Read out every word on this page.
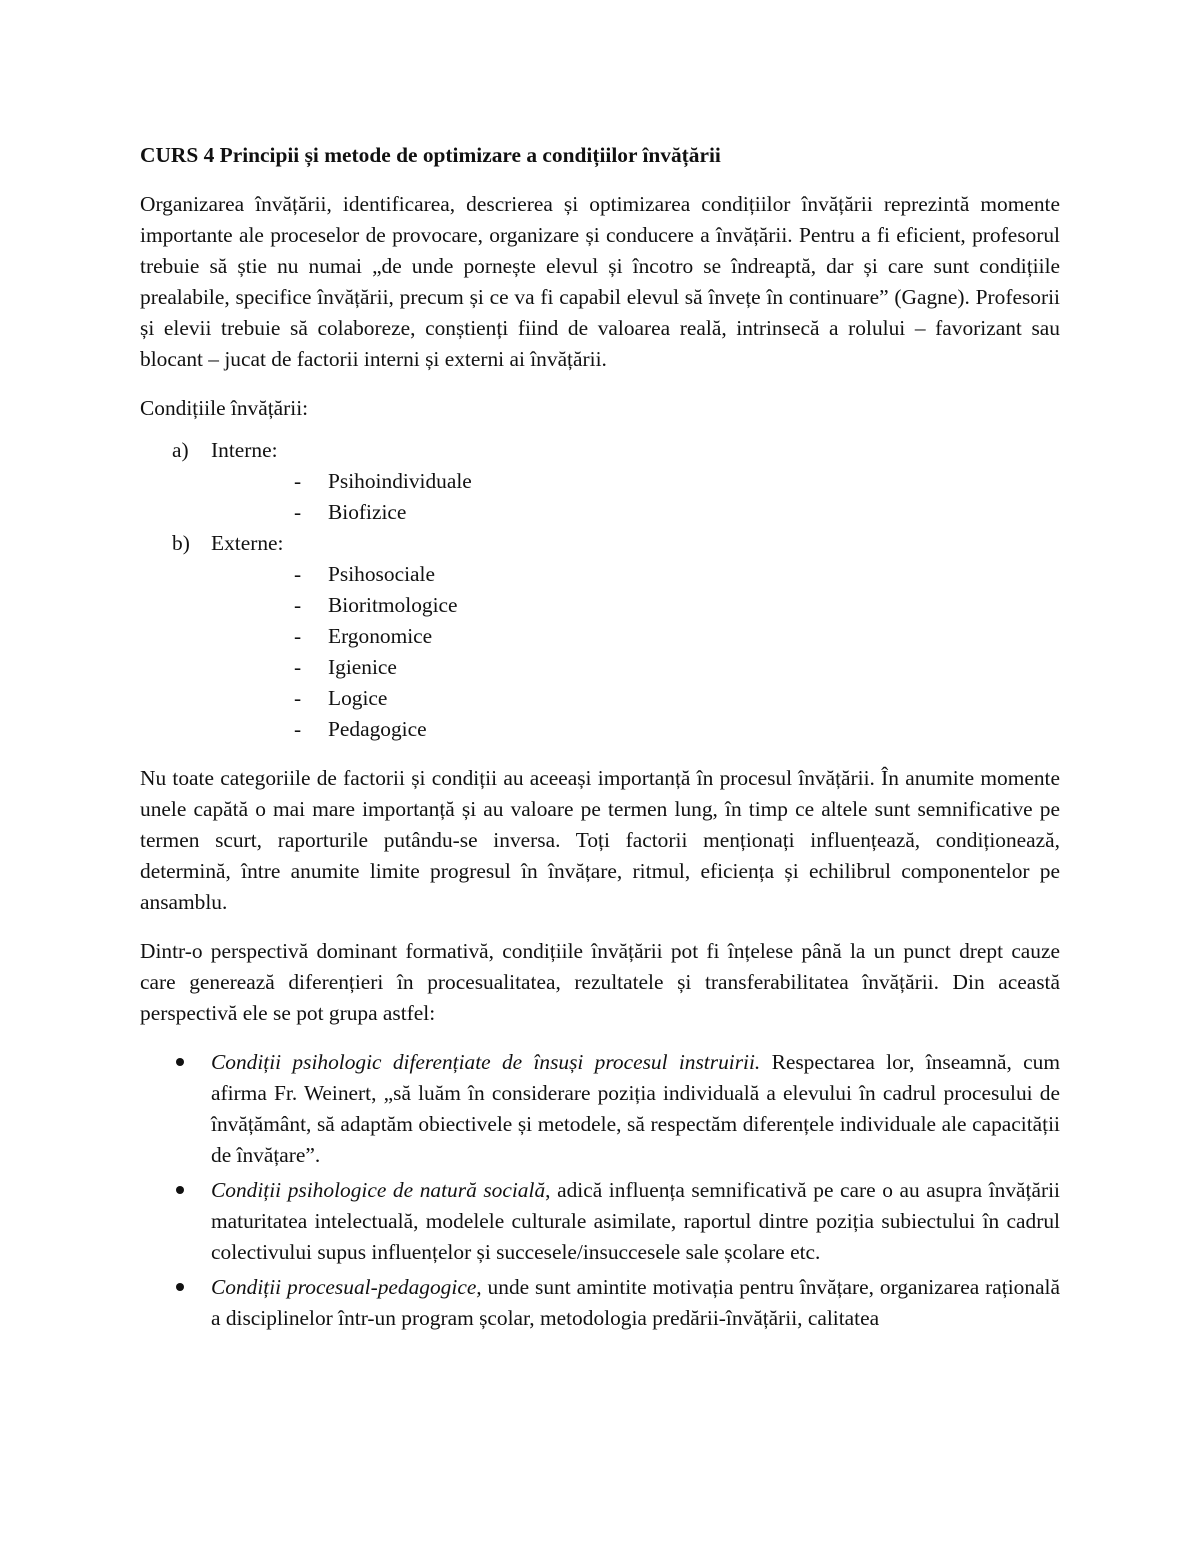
CURS 4 Principii și metode de optimizare a condițiilor învățării

Organizarea învățării, identificarea, descrierea și optimizarea condițiilor învățării reprezintă momente importante ale proceselor de provocare, organizare și conducere a învățării. Pentru a fi eficient, profesorul trebuie să știe nu numai „de unde pornește elevul și încotro se îndreaptă, dar și care sunt condițiile prealabile, specifice învățării, precum și ce va fi capabil elevul să învețe în continuare” (Gagne). Profesorii și elevii trebuie să colaboreze, conștienți fiind de valoarea reală, intrinsecă a rolului – favorizant sau blocant – jucat de factorii interni și externi ai învățării.

Condițiile învățării:
a) Interne:
- Psihoindividuale
- Biofizice
b) Externe:
- Psihosociale
- Bioritmologice
- Ergonomice
- Igienice
- Logice
- Pedagogice

Nu toate categoriile de factorii și condiții au aceeași importanță în procesul învățării. În anumite momente unele capătă o mai mare importanță și au valoare pe termen lung, în timp ce altele sunt semnificative pe termen scurt, raporturile putându-se inversa. Toți factorii menționați influențează, condiționează, determină, între anumite limite progresul în învățare, ritmul, eficiența și echilibrul componentelor pe ansamblu.

Dintr-o perspectivă dominant formativă, condițiile învățării pot fi înțelese până la un punct drept cauze care generează diferențieri în procesualitatea, rezultatele și transferabilitatea învățării. Din această perspectivă ele se pot grupa astfel:

Condiții psihologic diferențiate de însuși procesul instruirii. Respectarea lor, înseamnă, cum afirma Fr. Weinert, „să luăm în considerare poziția individuală a elevului în cadrul procesului de învățământ, să adaptăm obiectivele și metodele, să respectăm diferențele individuale ale capacității de învățare”.
Condiții psihologice de natură socială, adică influența semnificativă pe care o au asupra învățării maturitatea intelectuală, modelele culturale asimilate, raportul dintre poziția subiectului în cadrul colectivului supus influențelor și succesele/insuccesele sale școlare etc.
Condiții procesual-pedagogice, unde sunt amintite motivația pentru învățare, organizarea rațională a disciplinelor într-un program școlar, metodologia predării-învățării, calitatea
